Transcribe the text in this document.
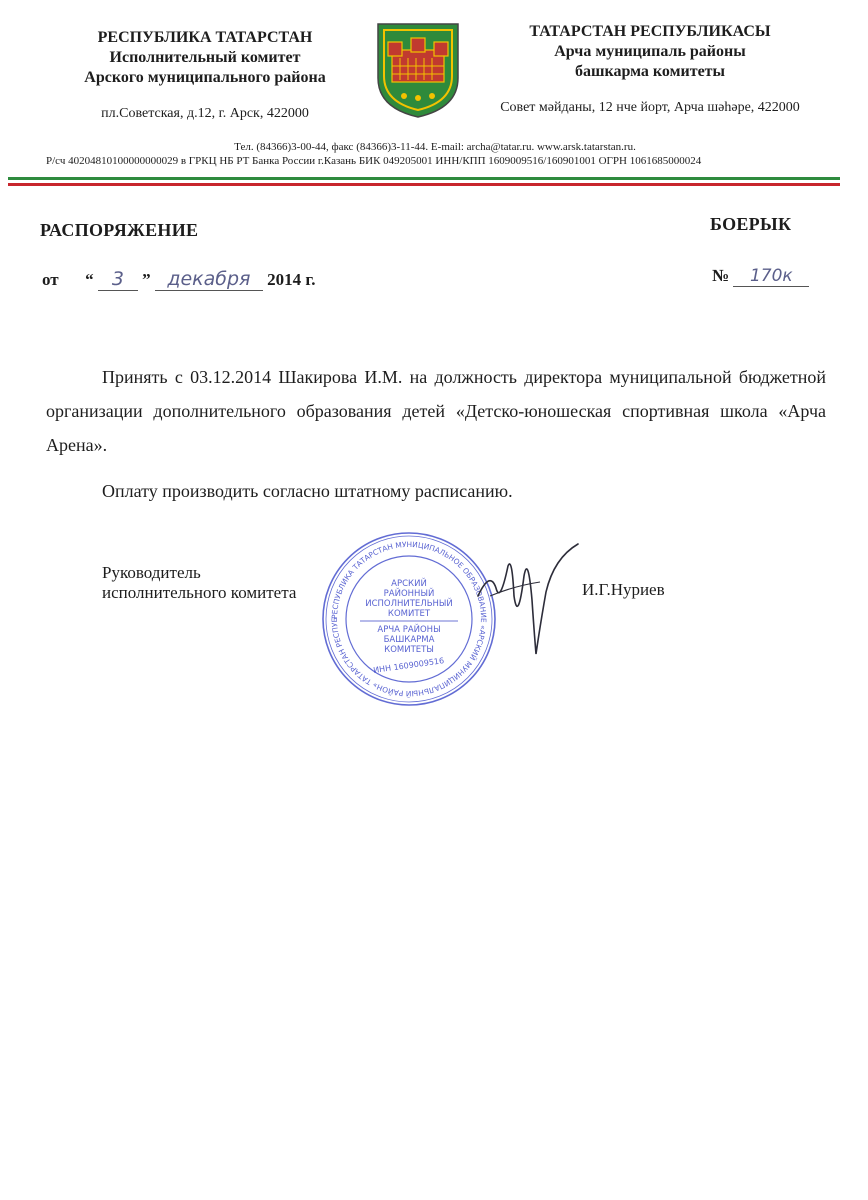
РЕСПУБЛИКА ТАТАРСТАН
Исполнительный комитет
Арского муниципального района
пл.Советская, д.12, г. Арск, 422000
ТАТАРСТАН РЕСПУБЛИКАСЫ
Арча муниципаль районы
башкарма комитеты
Совет мәйданы, 12 нче йорт, Арча шәһәре, 422000
Тел. (84366)3-00-44, факс (84366)3-11-44. E-mail: archa@tatar.ru. www.arsk.tatarstan.ru.
Р/сч 40204810100000000029 в ГРКЦ НБ РТ Банка России г.Казань БИК 049205001 ИНН/КПП 1609009516/160901001 ОГРН 1061685000024
РАСПОРЯЖЕНИЕ	БОЕРЫК
от “ 3 ” декабря 2014 г.	№ 170к
Принять с 03.12.2014 Шакирова И.М. на должность директора муниципальной бюджетной организации дополнительного образования детей «Детско-юношеская спортивная школа «Арча Арена».
Оплату производить согласно штатному расписанию.
Руководитель
исполнительного комитета	И.Г.Нуриев
РЕСПУБЛИКА ТАТАРСТАН МУНИЦИПАЛЬНОЕ ОБРАЗОВАНИЕ «АРСКИЙ МУНИЦИПАЛЬНЫЙ РАЙОН» ТАТАРСТАН РЕСПУБ
АРСКИЙ
РАЙОННЫЙ
ИСПОЛНИТЕЛЬНЫЙ
КОМИТЕТ
АРЧА РАЙОНЫ
БАШКАРМА
КОМИТЕТЫ
ИНН 1609009516
